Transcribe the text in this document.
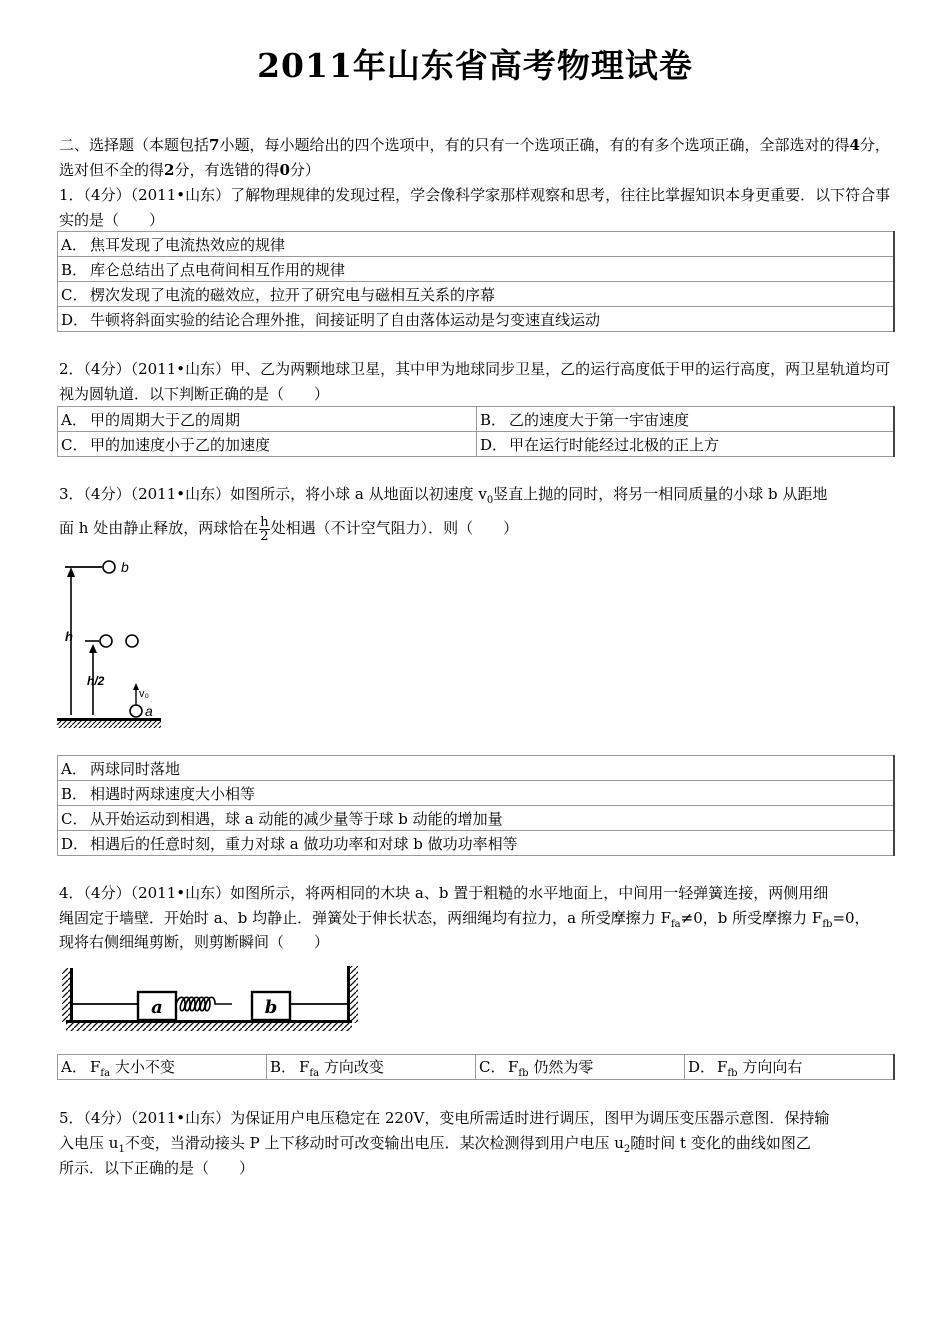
2011年山东省高考物理试卷
二、选择题（本题包括7小题，每小题给出的四个选项中，有的只有一个选项正确，有的有多个选项正确，全部选对的得4分，选对但不全的得2分，有选错的得0分）
1．（4分）（2011•山东）了解物理规律的发现过程，学会像科学家那样观察和思考，往往比掌握知识本身更重要．以下符合事实的是（　　）
A． 焦耳发现了电流热效应的规律
B． 库仑总结出了点电荷间相互作用的规律
C． 楞次发现了电流的磁效应，拉开了研究电与磁相互关系的序幕
D． 牛顿将斜面实验的结论合理外推，间接证明了自由落体运动是匀变速直线运动
2．（4分）（2011•山东）甲、乙为两颗地球卫星，其中甲为地球同步卫星，乙的运行高度低于甲的运行高度，两卫星轨道均可视为圆轨道．以下判断正确的是（　　）
A． 甲的周期大于乙的周期	B． 乙的速度大于第一宇宙速度
C． 甲的加速度小于乙的加速度	D． 甲在运行时能经过北极的正上方
3．（4分）（2011•山东）如图所示，将小球 a 从地面以初速度 $v_0$竖直上抛的同时，将另一相同质量的小球 b 从距地
面 h 处由静止释放，两球恰在 $\frac{h}{2}$ 处相遇（不计空气阻力）．则（　　）
b
h
h/2
v₀
a
A． 两球同时落地
B． 相遇时两球速度大小相等
C． 从开始运动到相遇，球 a 动能的减少量等于球 b 动能的增加量
D． 相遇后的任意时刻，重力对球 a 做功功率和对球 b 做功功率相等
4．（4分）（2011•山东）如图所示，将两相同的木块 a、b 置于粗糙的水平地面上，中间用一轻弹簧连接，两侧用细
绳固定于墙壁．开始时 a、b 均静止．弹簧处于伸长状态，两细绳均有拉力，a 所受摩擦力 $F_{fa}\ne 0$，b 所受摩擦力 $F_{fb}=0$，
现将右侧细绳剪断，则剪断瞬间（　　）
a	b
A． $F_{fa}$ 大小不变	B． $F_{fa}$ 方向改变	C． $F_{fb}$ 仍然为零	D． $F_{fb}$ 方向向右
5．（4分）（2011•山东）为保证用户电压稳定在 220V，变电所需适时进行调压，图甲为调压变压器示意图．保持输
入电压 $u_1$不变，当滑动接头 P 上下移动时可改变输出电压．某次检测得到用户电压 $u_2$随时间 t 变化的曲线如图乙
所示．以下正确的是（　　）
